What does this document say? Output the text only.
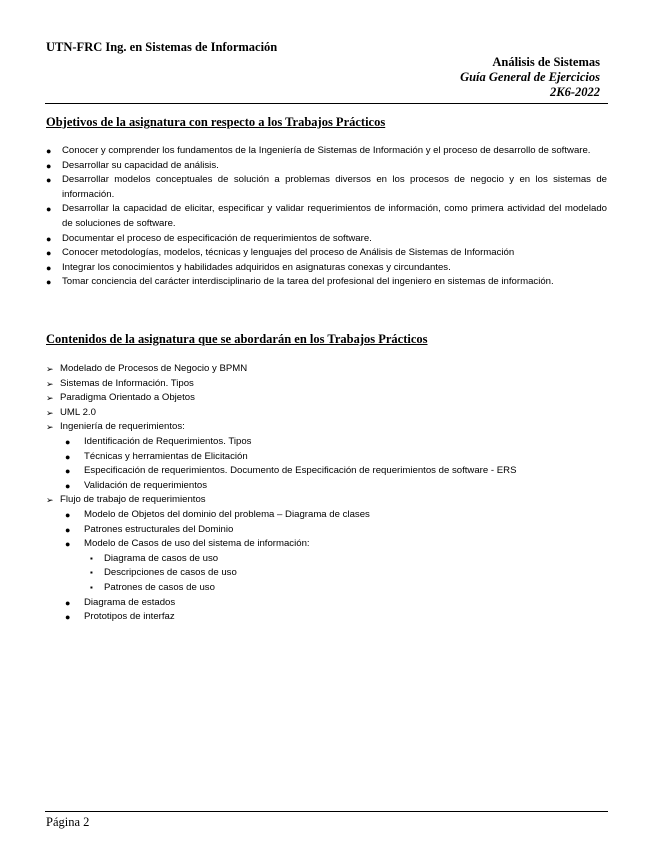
UTN-FRC Ing. en Sistemas de Información
Análisis de Sistemas
Guía General de Ejercicios
2K6-2022
Objetivos de la asignatura con respecto a los Trabajos Prácticos
● Conocer y comprender los fundamentos de la Ingeniería de Sistemas de Información y el proceso de desarrollo de software.
● Desarrollar su capacidad de análisis.
● Desarrollar modelos conceptuales de solución a problemas diversos en los procesos de negocio y en los sistemas de información.
● Desarrollar la capacidad de elicitar, especificar y validar requerimientos de información, como primera actividad del modelado de soluciones de software.
● Documentar el proceso de especificación de requerimientos de software.
● Conocer metodologías, modelos, técnicas y lenguajes del proceso de Análisis de Sistemas de Información
● Integrar los conocimientos y habilidades adquiridos en asignaturas conexas y circundantes.
● Tomar conciencia del carácter interdisciplinario de la tarea del profesional del ingeniero en sistemas de información.
Contenidos de la asignatura que se abordarán en los Trabajos Prácticos
➢ Modelado de Procesos de Negocio y BPMN
➢ Sistemas de Información. Tipos
➢ Paradigma Orientado a Objetos
➢ UML 2.0
➢ Ingeniería de requerimientos:
● Identificación de Requerimientos. Tipos
● Técnicas y herramientas de Elicitación
● Especificación de requerimientos. Documento de Especificación de requerimientos de software - ERS
● Validación de requerimientos
➢ Flujo de trabajo de requerimientos
● Modelo de Objetos del dominio del problema – Diagrama de clases
● Patrones estructurales del Dominio
● Modelo de Casos de uso del sistema de información:
▪ Diagrama de casos de uso
▪ Descripciones de casos de uso
▪ Patrones de casos de uso
● Diagrama de estados
● Prototipos de interfaz
Página 2
